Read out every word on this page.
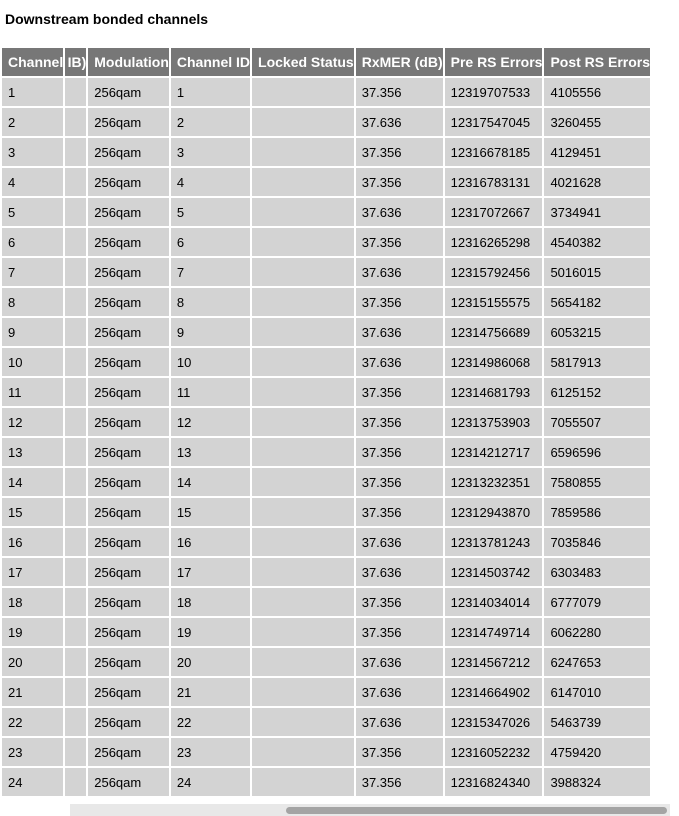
Downstream bonded channels
Channel	IB)	Modulation	Channel ID	Locked Status	RxMER (dB)	Pre RS Errors	Post RS Errors
1		256qam	1		37.356	12319707533	4105556
2		256qam	2		37.636	12317547045	3260455
3		256qam	3		37.356	12316678185	4129451
4		256qam	4		37.356	12316783131	4021628
5		256qam	5		37.636	12317072667	3734941
6		256qam	6		37.356	12316265298	4540382
7		256qam	7		37.636	12315792456	5016015
8		256qam	8		37.356	12315155575	5654182
9		256qam	9		37.636	12314756689	6053215
10		256qam	10		37.636	12314986068	5817913
11		256qam	11		37.356	12314681793	6125152
12		256qam	12		37.356	12313753903	7055507
13		256qam	13		37.356	12314212717	6596596
14		256qam	14		37.356	12313232351	7580855
15		256qam	15		37.356	12312943870	7859586
16		256qam	16		37.636	12313781243	7035846
17		256qam	17		37.636	12314503742	6303483
18		256qam	18		37.356	12314034014	6777079
19		256qam	19		37.356	12314749714	6062280
20		256qam	20		37.636	12314567212	6247653
21		256qam	21		37.636	12314664902	6147010
22		256qam	22		37.636	12315347026	5463739
23		256qam	23		37.356	12316052232	4759420
24		256qam	24		37.356	12316824340	3988324
